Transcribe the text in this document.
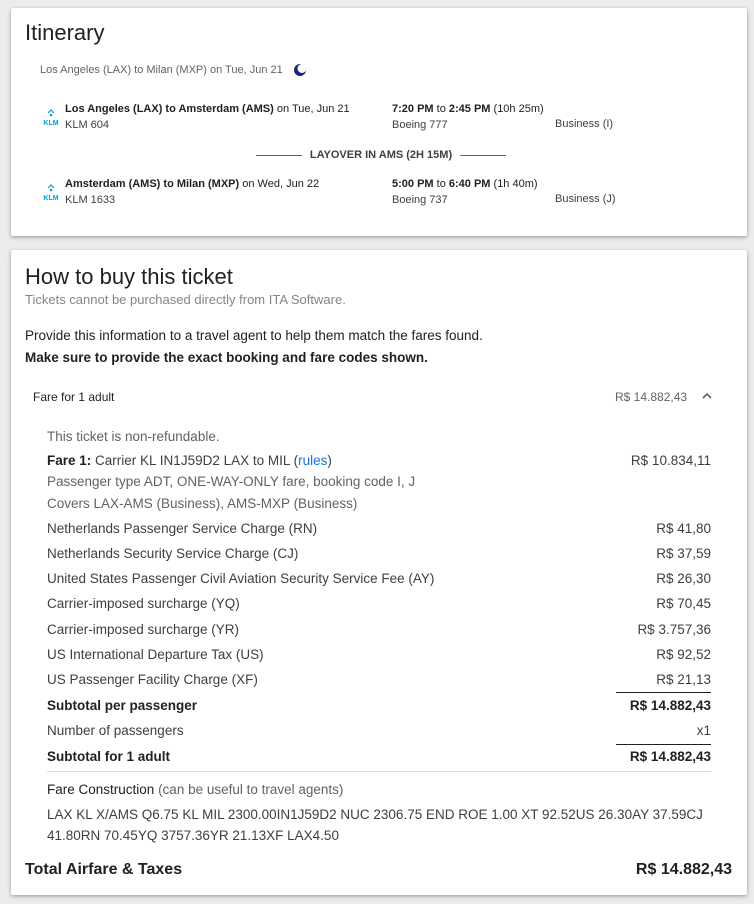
Itinerary
Los Angeles (LAX) to Milan (MXP) on Tue, Jun 21
KLM
Los Angeles (LAX) to Amsterdam (AMS) on Tue, Jun 21
KLM 604
7:20 PM to 2:45 PM (10h 25m)
Boeing 777	Business (I)
LAYOVER IN AMS (2H 15M)
KLM
Amsterdam (AMS) to Milan (MXP) on Wed, Jun 22
KLM 1633
5:00 PM to 6:40 PM (1h 40m)
Boeing 737	Business (J)
How to buy this ticket
Tickets cannot be purchased directly from ITA Software.
Provide this information to a travel agent to help them match the fares found.
Make sure to provide the exact booking and fare codes shown.
Fare for 1 adult	R$ 14.882,43
This ticket is non-refundable.
Fare 1: Carrier KL IN1J59D2 LAX to MIL (rules)	R$ 10.834,11
Passenger type ADT, ONE-WAY-ONLY fare, booking code I, J
Covers LAX-AMS (Business), AMS-MXP (Business)
Netherlands Passenger Service Charge (RN)	R$ 41,80
Netherlands Security Service Charge (CJ)	R$ 37,59
United States Passenger Civil Aviation Security Service Fee (AY)	R$ 26,30
Carrier-imposed surcharge (YQ)	R$ 70,45
Carrier-imposed surcharge (YR)	R$ 3.757,36
US International Departure Tax (US)	R$ 92,52
US Passenger Facility Charge (XF)	R$ 21,13
Subtotal per passenger	R$ 14.882,43
Number of passengers	x1
Subtotal for 1 adult	R$ 14.882,43
Fare Construction (can be useful to travel agents)
LAX KL X/AMS Q6.75 KL MIL 2300.00IN1J59D2 NUC 2306.75 END ROE 1.00 XT 92.52US 26.30AY 37.59CJ 41.80RN 70.45YQ 3757.36YR 21.13XF LAX4.50
Total Airfare & Taxes	R$ 14.882,43
